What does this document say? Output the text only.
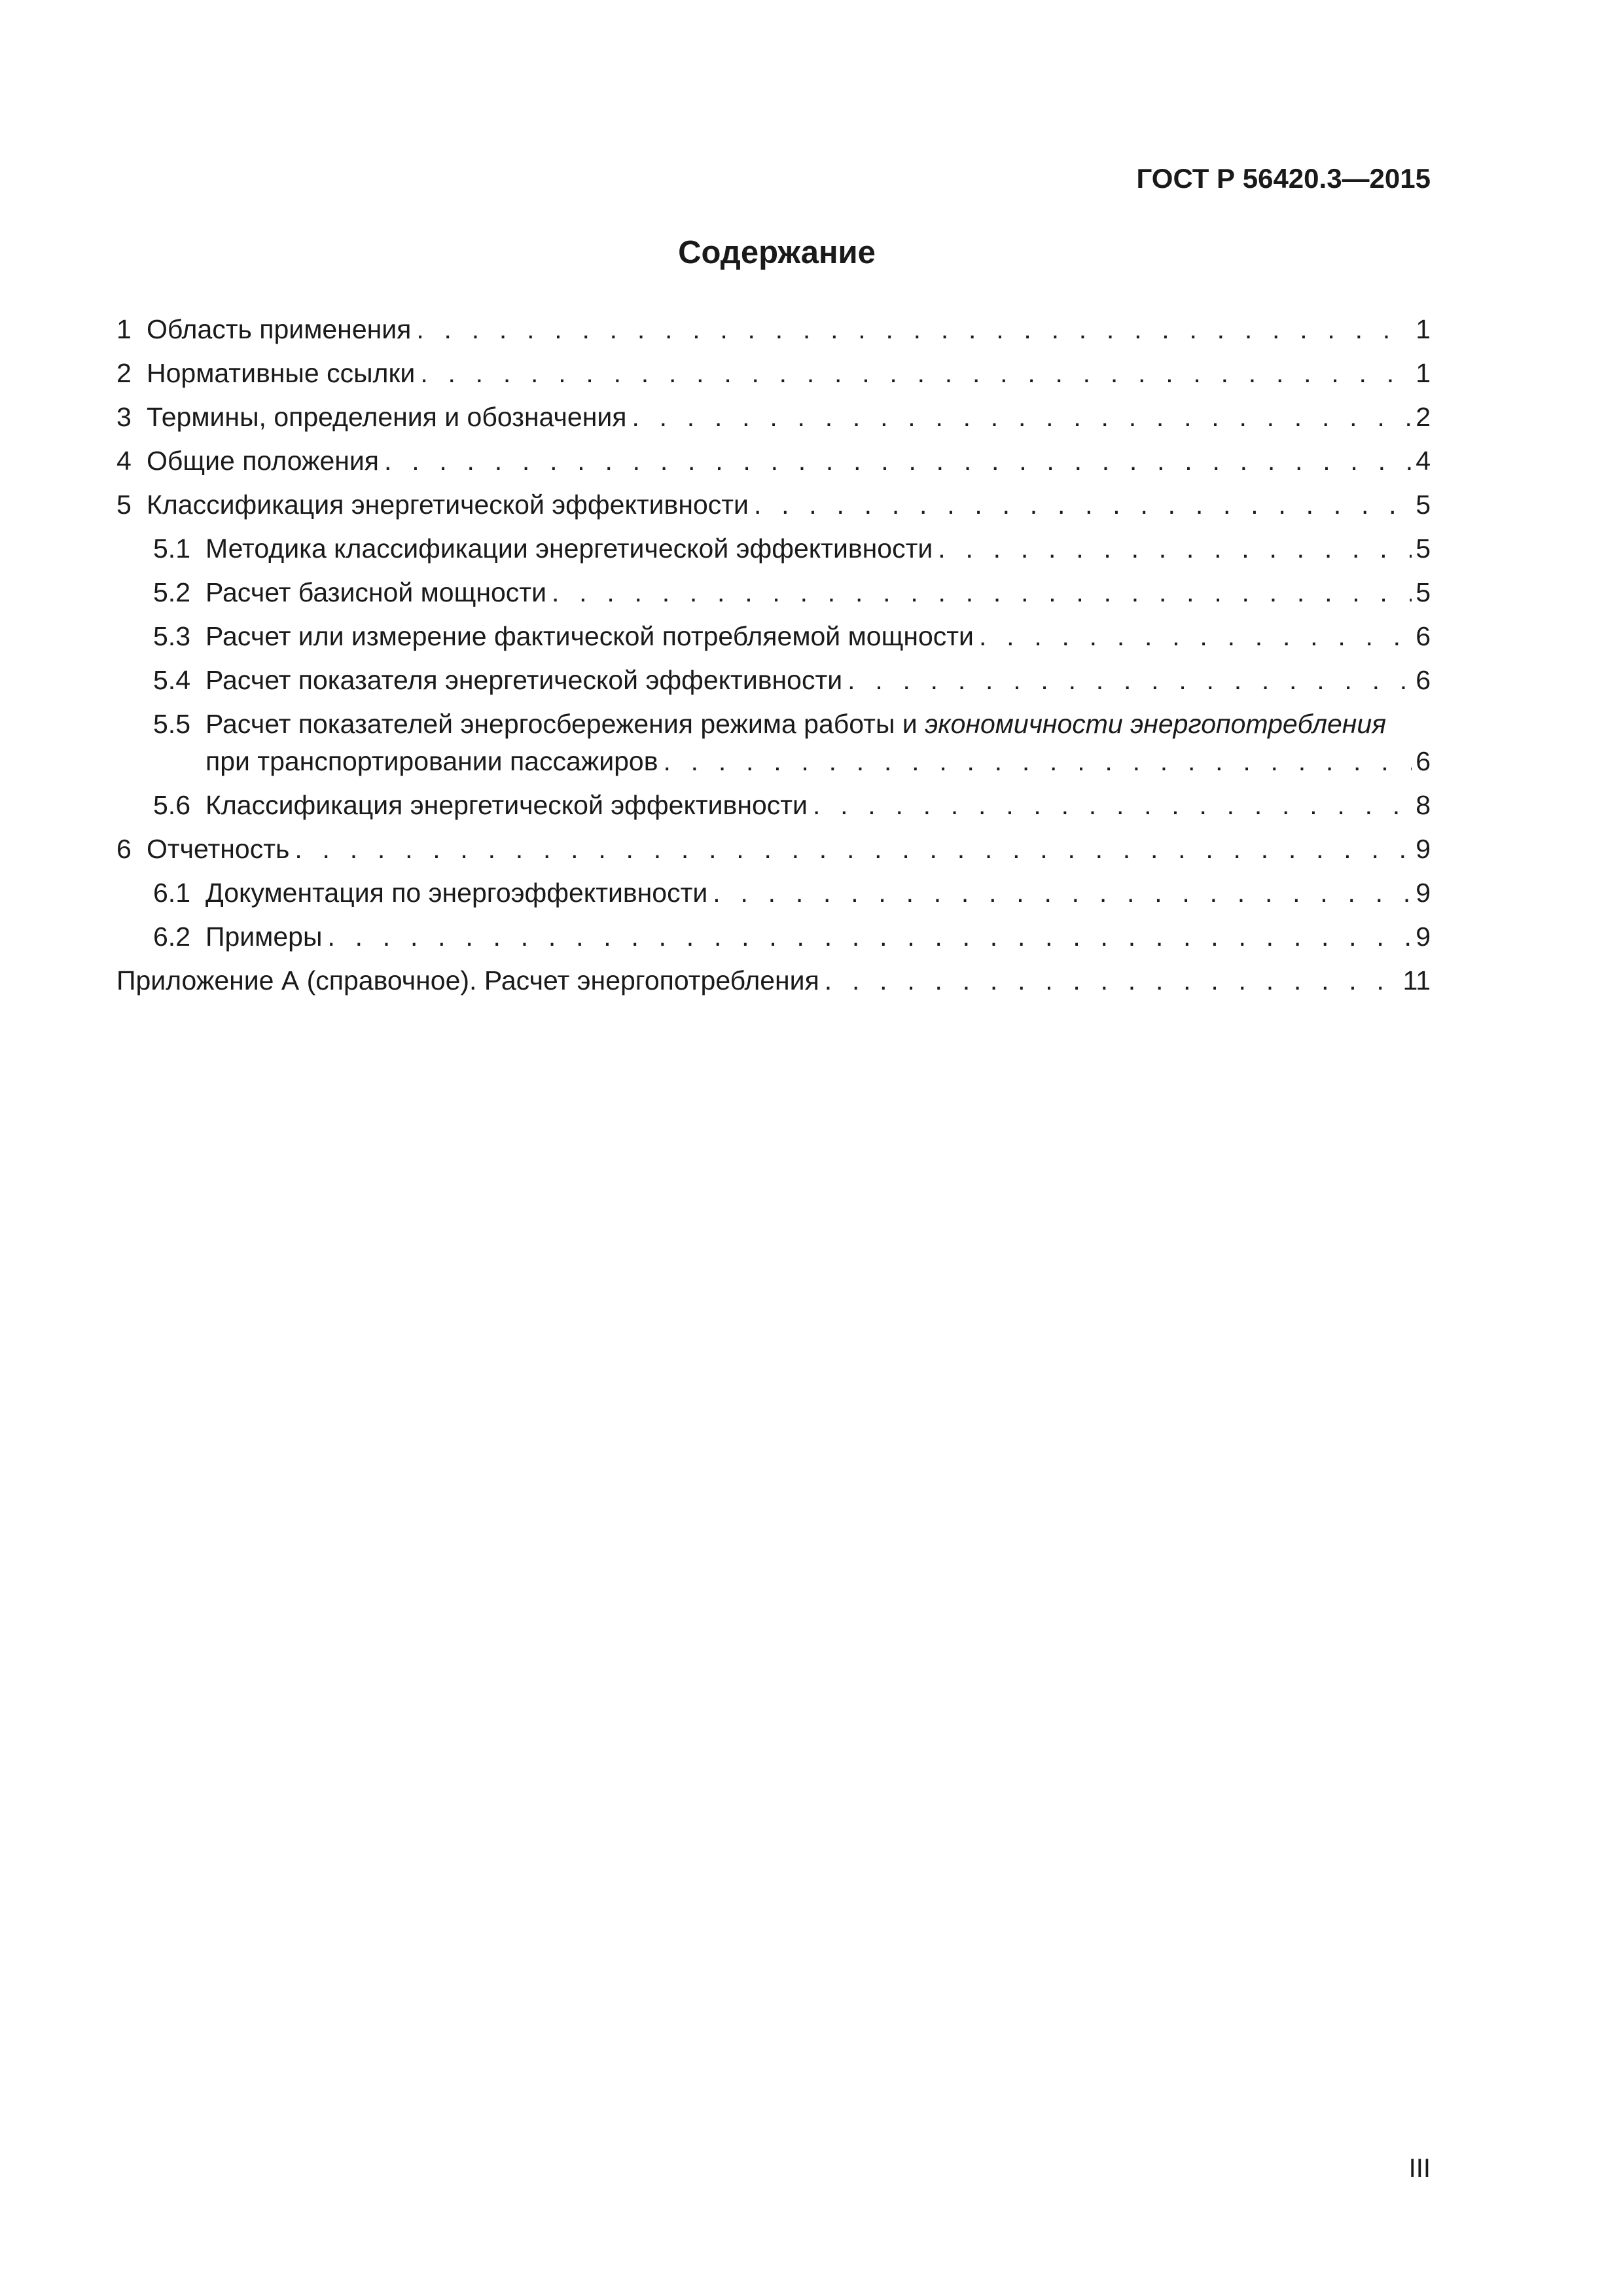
ГОСТ Р 56420.3—2015
Содержание
1 Область применения . . .	1
2 Нормативные ссылки . . .	1
3 Термины, определения и обозначения . . .	2
4 Общие положения . . .	4
5 Классификация энергетической эффективности . . .	5
5.1 Методика классификации энергетической эффективности . . .	5
5.2 Расчет базисной мощности . . .	5
5.3 Расчет или измерение фактической потребляемой мощности . . .	6
5.4 Расчет показателя энергетической эффективности . . .	6
5.5 Расчет показателей энергосбережения режима работы и экономичности энергопотребления
при транспортировании пассажиров . . .	6
5.6 Классификация энергетической эффективности . . .	8
6 Отчетность . . .	9
6.1 Документация по энергоэффективности . . .	9
6.2 Примеры . . .	9
Приложение А (справочное). Расчет энергопотребления . . .	11
III
